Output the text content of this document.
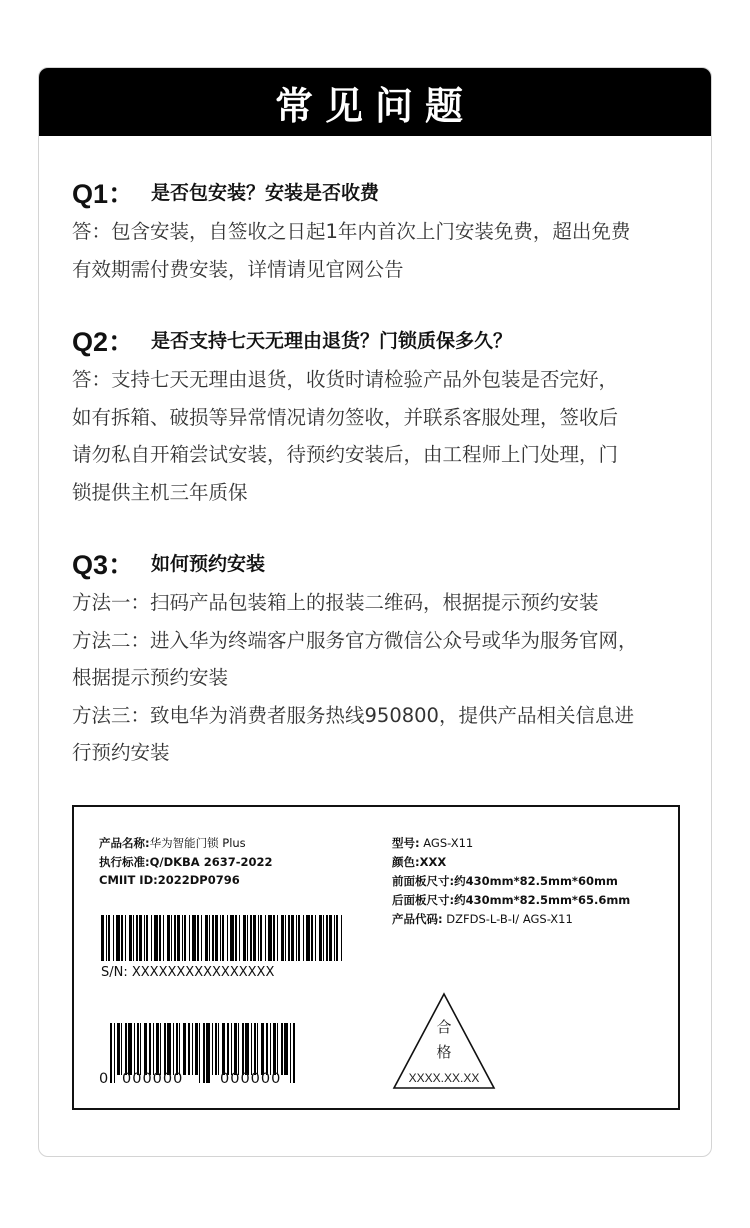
常见问题
Q1： 是否包安装？安装是否收费

答：包含安装，自签收之日起1年内首次上门安装免费，超出免费

有效期需付费安装，详情请见官网公告

Q2： 是否支持七天无理由退货？门锁质保多久？

答：支持七天无理由退货，收货时请检验产品外包装是否完好，

如有拆箱、破损等异常情况请勿签收，并联系客服处理，签收后

请勿私自开箱尝试安装，待预约安装后，由工程师上门处理，门

锁提供主机三年质保

Q3： 如何预约安装

方法一：扫码产品包装箱上的报装二维码，根据提示预约安装

方法二：进入华为终端客户服务官方微信公众号或华为服务官网，

根据提示预约安装

方法三：致电华为消费者服务热线950800，提供产品相关信息进

行预约安装

产品名称:华为智能门锁 Plus
执行标准:Q/DKBA 2637-2022
CMIIT ID:2022DP0796
S/N: XXXXXXXXXXXXXXXX
0 000000	000000
型号: AGS-X11
颜色:XXX
前面板尺寸:约430mm*82.5mm*60mm
后面板尺寸:约430mm*82.5mm*65.6mm
产品代码: DZFDS-L-B-I/ AGS-X11
合
格
XXXX.XX.XX
